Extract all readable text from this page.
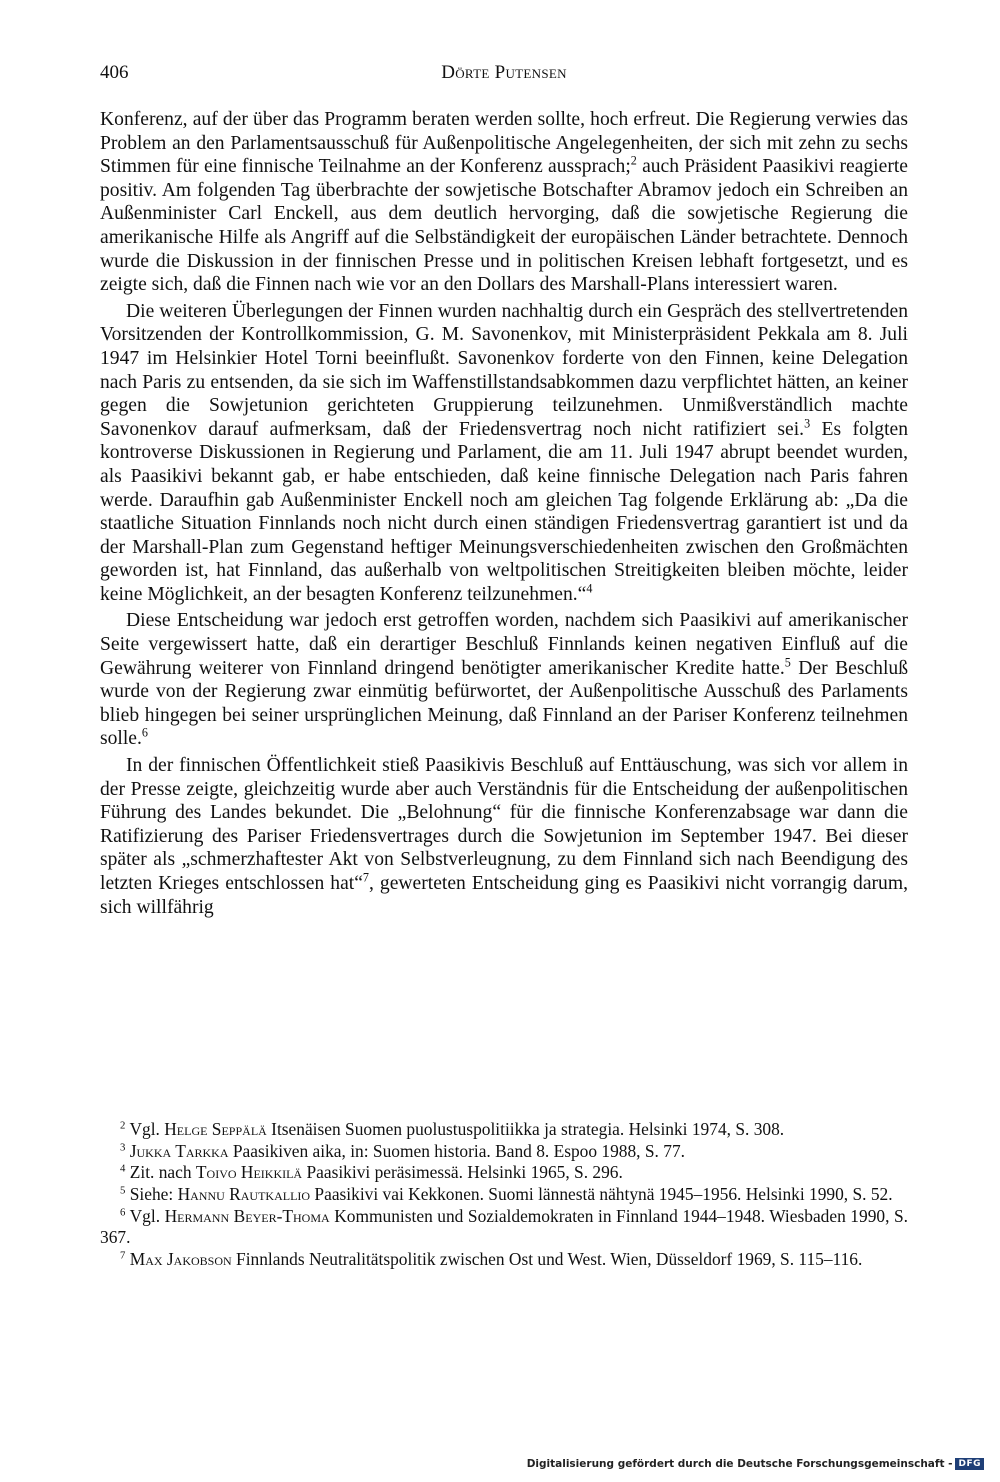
406	Dörte Putensen

Konferenz, auf der über das Programm beraten werden sollte, hoch erfreut. Die Regierung verwies das Problem an den Parlamentsausschuß für Außenpolitische Angelegenheiten, der sich mit zehn zu sechs Stimmen für eine finnische Teilnahme an der Konferenz aussprach;$^2$ auch Präsident Paasikivi reagierte positiv. Am folgenden Tag überbrachte der sowjetische Botschafter Abramov jedoch ein Schreiben an Außenminister Carl Enckell, aus dem deutlich hervorging, daß die sowjetische Regierung die amerikanische Hilfe als Angriff auf die Selbständigkeit der europäischen Länder betrachtete. Dennoch wurde die Diskussion in der finnischen Presse und in politischen Kreisen lebhaft fortgesetzt, und es zeigte sich, daß die Finnen nach wie vor an den Dollars des Marshall-Plans interessiert waren.

Die weiteren Überlegungen der Finnen wurden nachhaltig durch ein Gespräch des stellvertretenden Vorsitzenden der Kontrollkommission, G. M. Savonenkov, mit Ministerpräsident Pekkala am 8. Juli 1947 im Helsinkier Hotel Torni beeinflußt. Savonenkov forderte von den Finnen, keine Delegation nach Paris zu entsenden, da sie sich im Waffenstillstandsabkommen dazu verpflichtet hätten, an keiner gegen die Sowjetunion gerichteten Gruppierung teilzunehmen. Unmißverständlich machte Savonenkov darauf aufmerksam, daß der Friedensvertrag noch nicht ratifiziert sei.$^3$ Es folgten kontroverse Diskussionen in Regierung und Parlament, die am 11. Juli 1947 abrupt beendet wurden, als Paasikivi bekannt gab, er habe entschieden, daß keine finnische Delegation nach Paris fahren werde. Daraufhin gab Außenminister Enckell noch am gleichen Tag folgende Erklärung ab: „Da die staatliche Situation Finnlands noch nicht durch einen ständigen Friedensvertrag garantiert ist und da der Marshall-Plan zum Gegenstand heftiger Meinungsverschiedenheiten zwischen den Großmächten geworden ist, hat Finnland, das außerhalb von weltpolitischen Streitigkeiten bleiben möchte, leider keine Möglichkeit, an der besagten Konferenz teilzunehmen.“$^4$

Diese Entscheidung war jedoch erst getroffen worden, nachdem sich Paasikivi auf amerikanischer Seite vergewissert hatte, daß ein derartiger Beschluß Finnlands keinen negativen Einfluß auf die Gewährung weiterer von Finnland dringend benötigter amerikanischer Kredite hatte.$^5$ Der Beschluß wurde von der Regierung zwar einmütig befürwortet, der Außenpolitische Ausschuß des Parlaments blieb hingegen bei seiner ursprünglichen Meinung, daß Finnland an der Pariser Konferenz teilnehmen solle.$^6$

In der finnischen Öffentlichkeit stieß Paasikivis Beschluß auf Enttäuschung, was sich vor allem in der Presse zeigte, gleichzeitig wurde aber auch Verständnis für die Entscheidung der außenpolitischen Führung des Landes bekundet. Die „Belohnung“ für die finnische Konferenzabsage war dann die Ratifizierung des Pariser Friedensvertrages durch die Sowjetunion im September 1947. Bei dieser später als „schmerzhaftester Akt von Selbstverleugnung, zu dem Finnland sich nach Beendigung des letzten Krieges entschlossen hat“$^7$, gewerteten Entscheidung ging es Paasikivi nicht vorrangig darum, sich willfährig

$^2$ Vgl. Helge Seppälä Itsenäisen Suomen puolustuspolitiikka ja strategia. Helsinki 1974, S. 308.

$^3$ Jukka Tarkka Paasikiven aika, in: Suomen historia. Band 8. Espoo 1988, S. 77.

$^4$ Zit. nach Toivo Heikkilä Paasikivi peräsimessä. Helsinki 1965, S. 296.

$^5$ Siehe: Hannu Rautkallio Paasikivi vai Kekkonen. Suomi lännestä nähtynä 1945–1956. Helsinki 1990, S. 52.

$^6$ Vgl. Hermann Beyer-Thoma Kommunisten und Sozialdemokraten in Finnland 1944–1948. Wiesbaden 1990, S. 367.

$^7$ Max Jakobson Finnlands Neutralitätspolitik zwischen Ost und West. Wien, Düsseldorf 1969, S. 115–116.

Digitalisierung gefördert durch die Deutsche Forschungsgemeinschaft - DFG
